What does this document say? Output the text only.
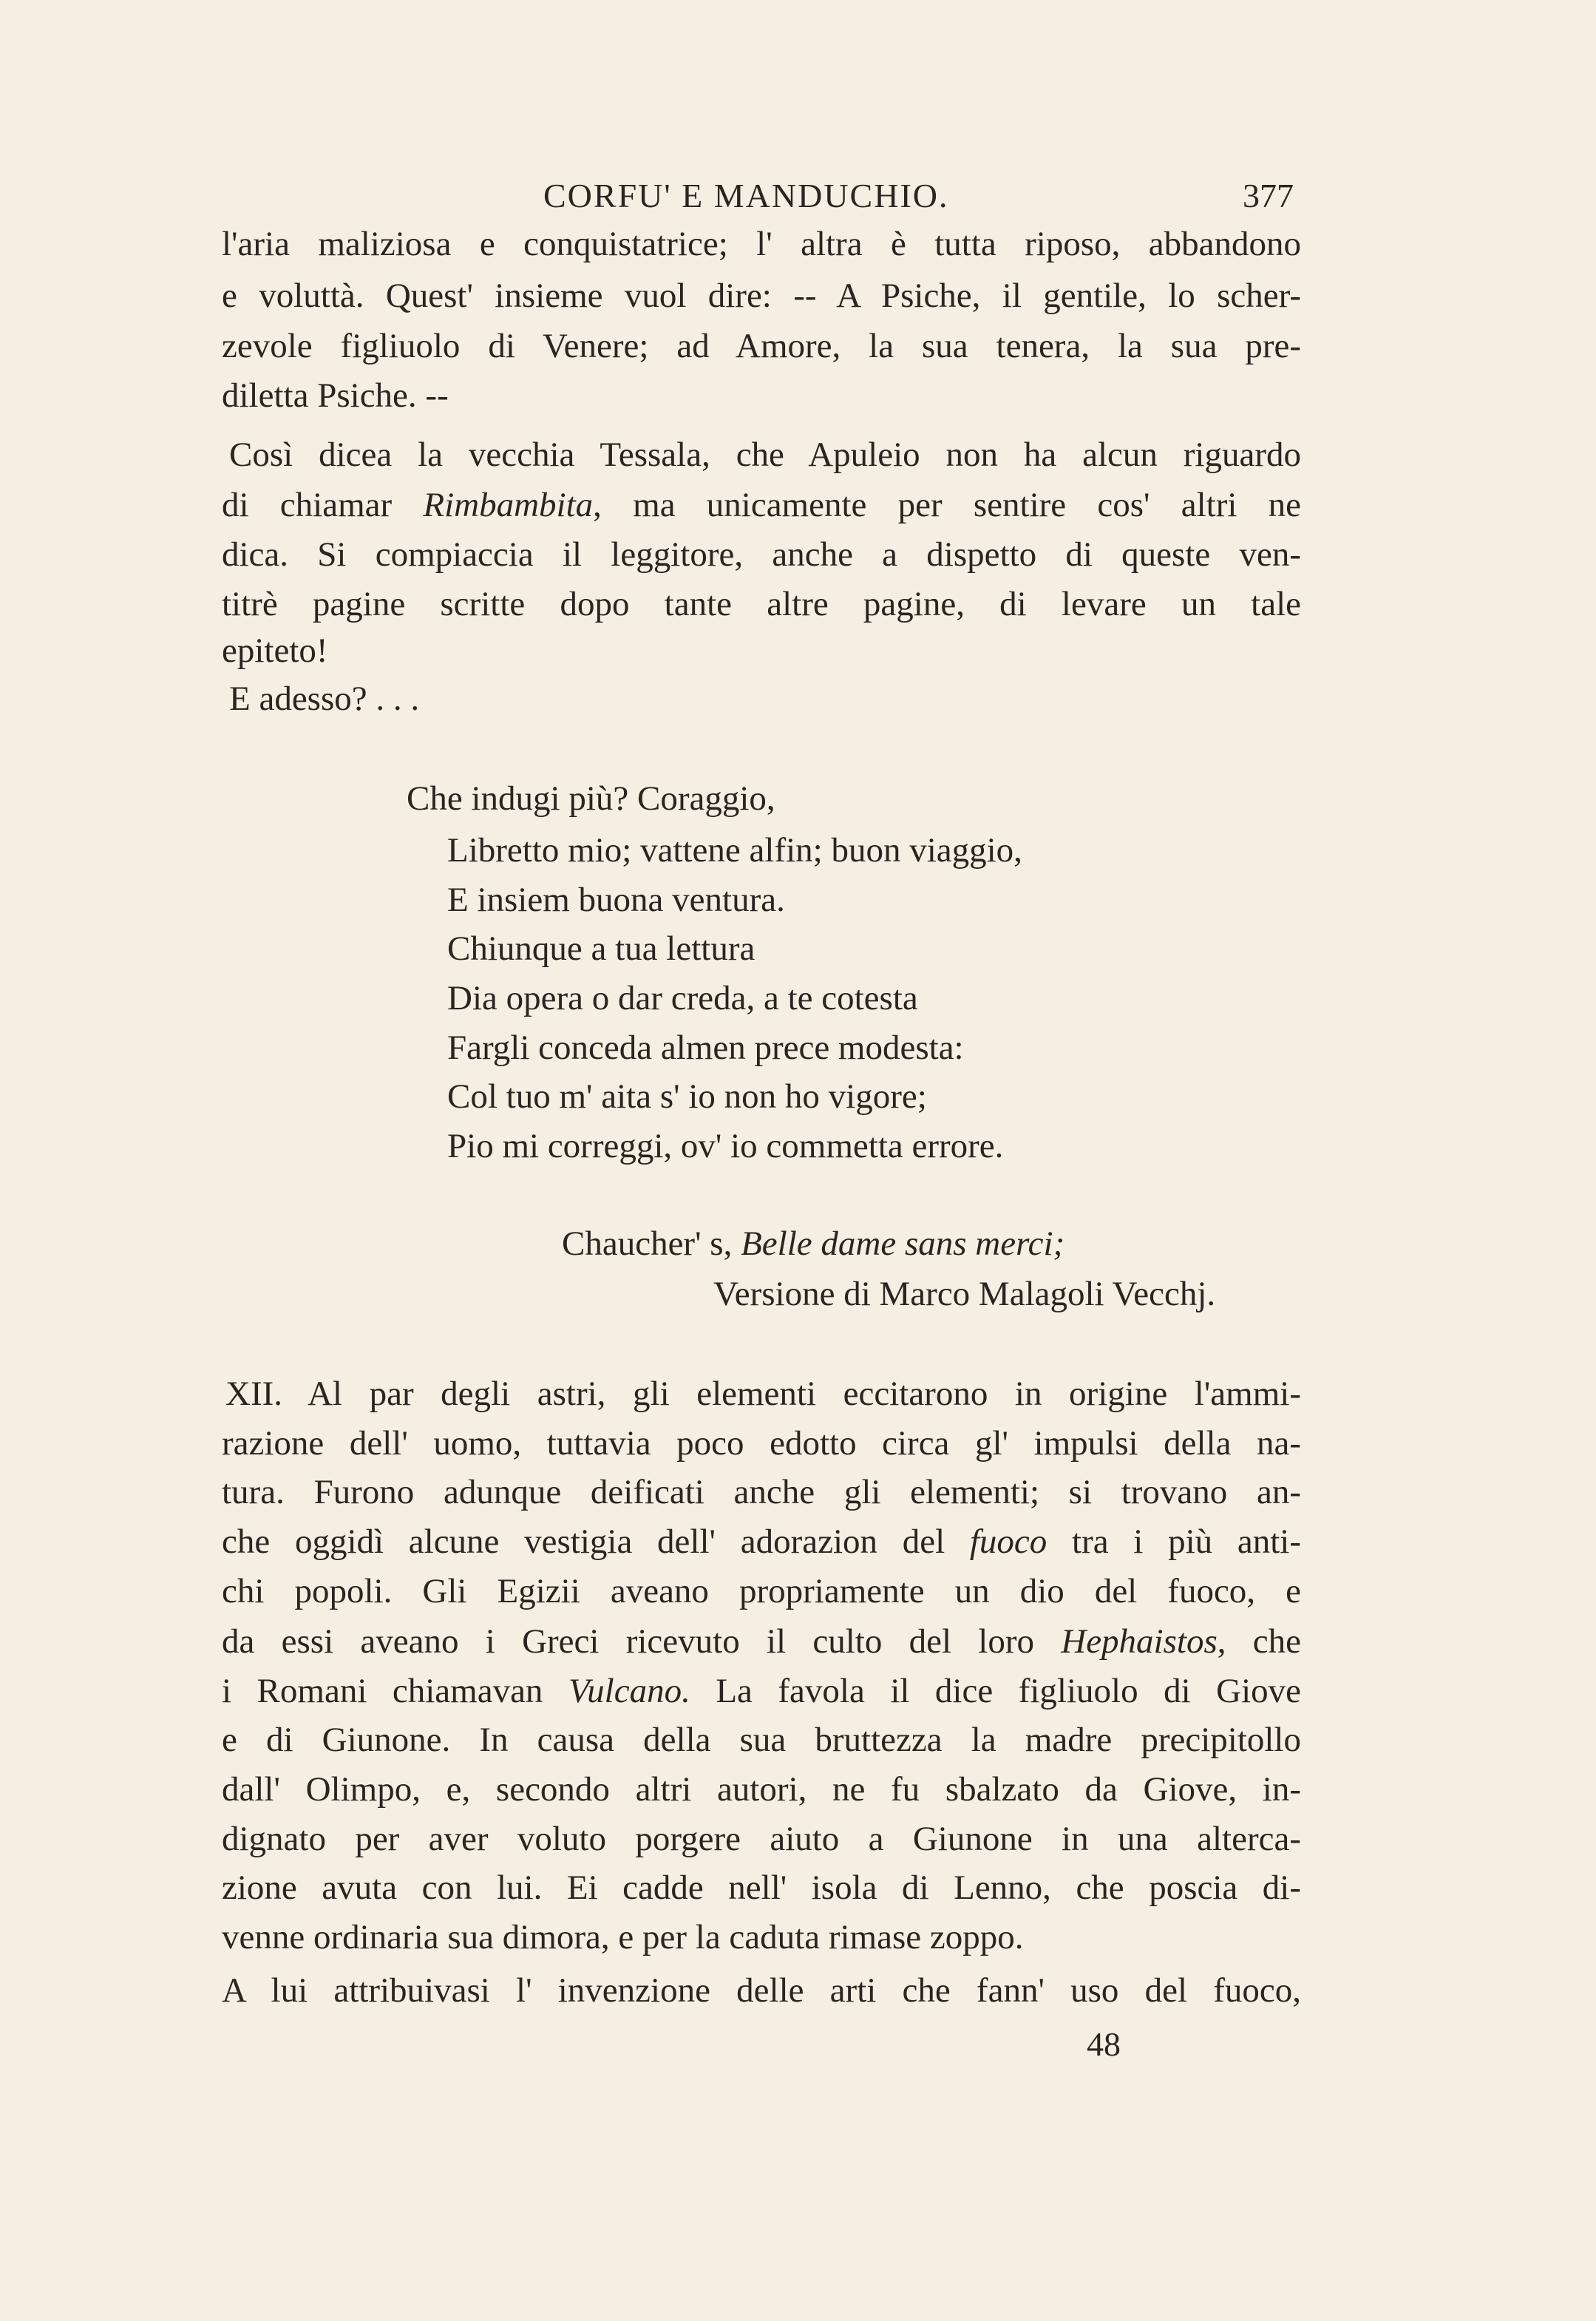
CORFU' E MANDUCHIO.	377
l'aria maliziosa e conquistatrice; l' altra è tutta riposo, abbandono
e voluttà. Quest' insieme vuol dire: -- A Psiche, il gentile, lo scher-
zevole figliuolo di Venere; ad Amore, la sua tenera, la sua pre-
diletta Psiche. --
Così dicea la vecchia Tessala, che Apuleio non ha alcun riguardo
di chiamar Rimbambita, ma unicamente per sentire cos' altri ne
dica. Si compiaccia il leggitore, anche a dispetto di queste ven-
titrè pagine scritte dopo tante altre pagine, di levare un tale
epiteto!
E adesso? . . .
Che indugi più? Coraggio,
Libretto mio; vattene alfin; buon viaggio,
E insiem buona ventura.
Chiunque a tua lettura
Dia opera o dar creda, a te cotesta
Fargli conceda almen prece modesta:
Col tuo m' aita s' io non ho vigore;
Pio mi correggi, ov' io commetta errore.
Chaucher' s, Belle dame sans merci;
Versione di Marco Malagoli Vecchj.
XII. Al par degli astri, gli elementi eccitarono in origine l'ammi-
razione dell' uomo, tuttavia poco edotto circa gl' impulsi della na-
tura. Furono adunque deificati anche gli elementi; si trovano an-
che oggidì alcune vestigia dell' adorazion del fuoco tra i più anti-
chi popoli. Gli Egizii aveano propriamente un dio del fuoco, e
da essi aveano i Greci ricevuto il culto del loro Hephaistos, che
i Romani chiamavan Vulcano. La favola il dice figliuolo di Giove
e di Giunone. In causa della sua bruttezza la madre precipitollo
dall' Olimpo, e, secondo altri autori, ne fu sbalzato da Giove, in-
dignato per aver voluto porgere aiuto a Giunone in una alterca-
zione avuta con lui. Ei cadde nell' isola di Lenno, che poscia di-
venne ordinaria sua dimora, e per la caduta rimase zoppo.
A lui attribuivasi l' invenzione delle arti che fann' uso del fuoco,
48
